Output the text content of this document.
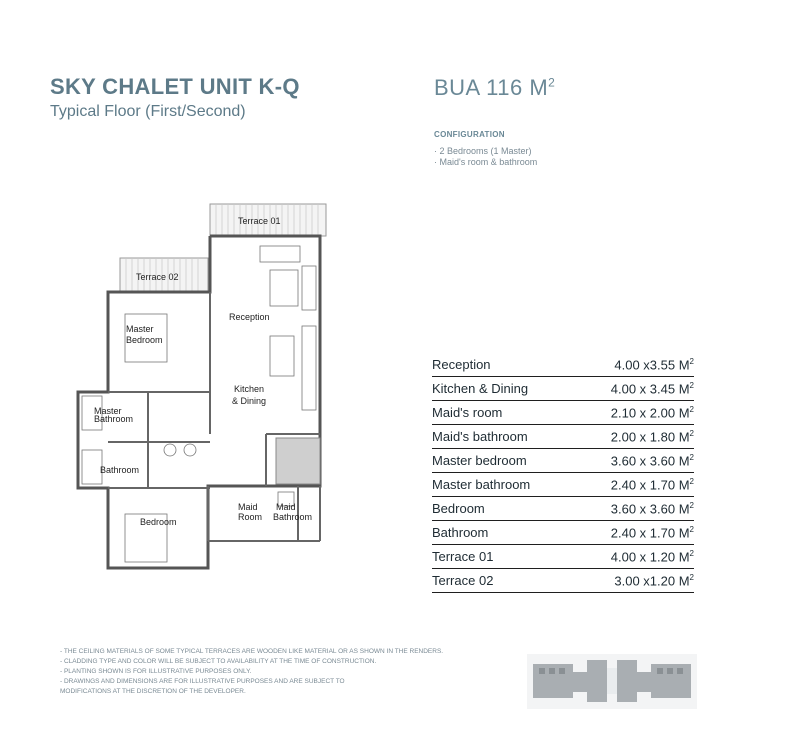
SKY CHALET UNIT K-Q
Typical Floor (First/Second)
BUA 116 $M^2$
CONFIGURATION
· 2 Bedrooms (1 Master)
· Maid's room & bathroom
Terrace 01
Terrace 02
Reception
Master
Bedroom
Kitchen
& Dining
Master
Bathroom
Bathroom
Bedroom
Maid
Room
Maid
Bathroom
Reception	4.00 x3.55 $M^2$
Kitchen & Dining	4.00 x 3.45 $M^2$
Maid's room	2.10 x 2.00 $M^2$
Maid's bathroom	2.00 x 1.80 $M^2$
Master bedroom	3.60 x 3.60 $M^2$
Master bathroom	2.40 x 1.70 $M^2$
Bedroom	3.60 x 3.60 $M^2$
Bathroom	2.40 x 1.70 $M^2$
Terrace 01	4.00 x 1.20 $M^2$
Terrace 02	3.00 x1.20 $M^2$
- THE CEILING MATERIALS OF SOME TYPICAL TERRACES ARE WOODEN LIKE MATERIAL OR AS SHOWN IN THE RENDERS.
- CLADDING TYPE AND COLOR WILL BE SUBJECT TO AVAILABILITY AT THE TIME OF CONSTRUCTION.
- PLANTING SHOWN IS FOR ILLUSTRATIVE PURPOSES ONLY.
- DRAWINGS AND DIMENSIONS ARE FOR ILLUSTRATIVE PURPOSES AND ARE SUBJECT TO
MODIFICATIONS AT THE DISCRETION OF THE DEVELOPER.
